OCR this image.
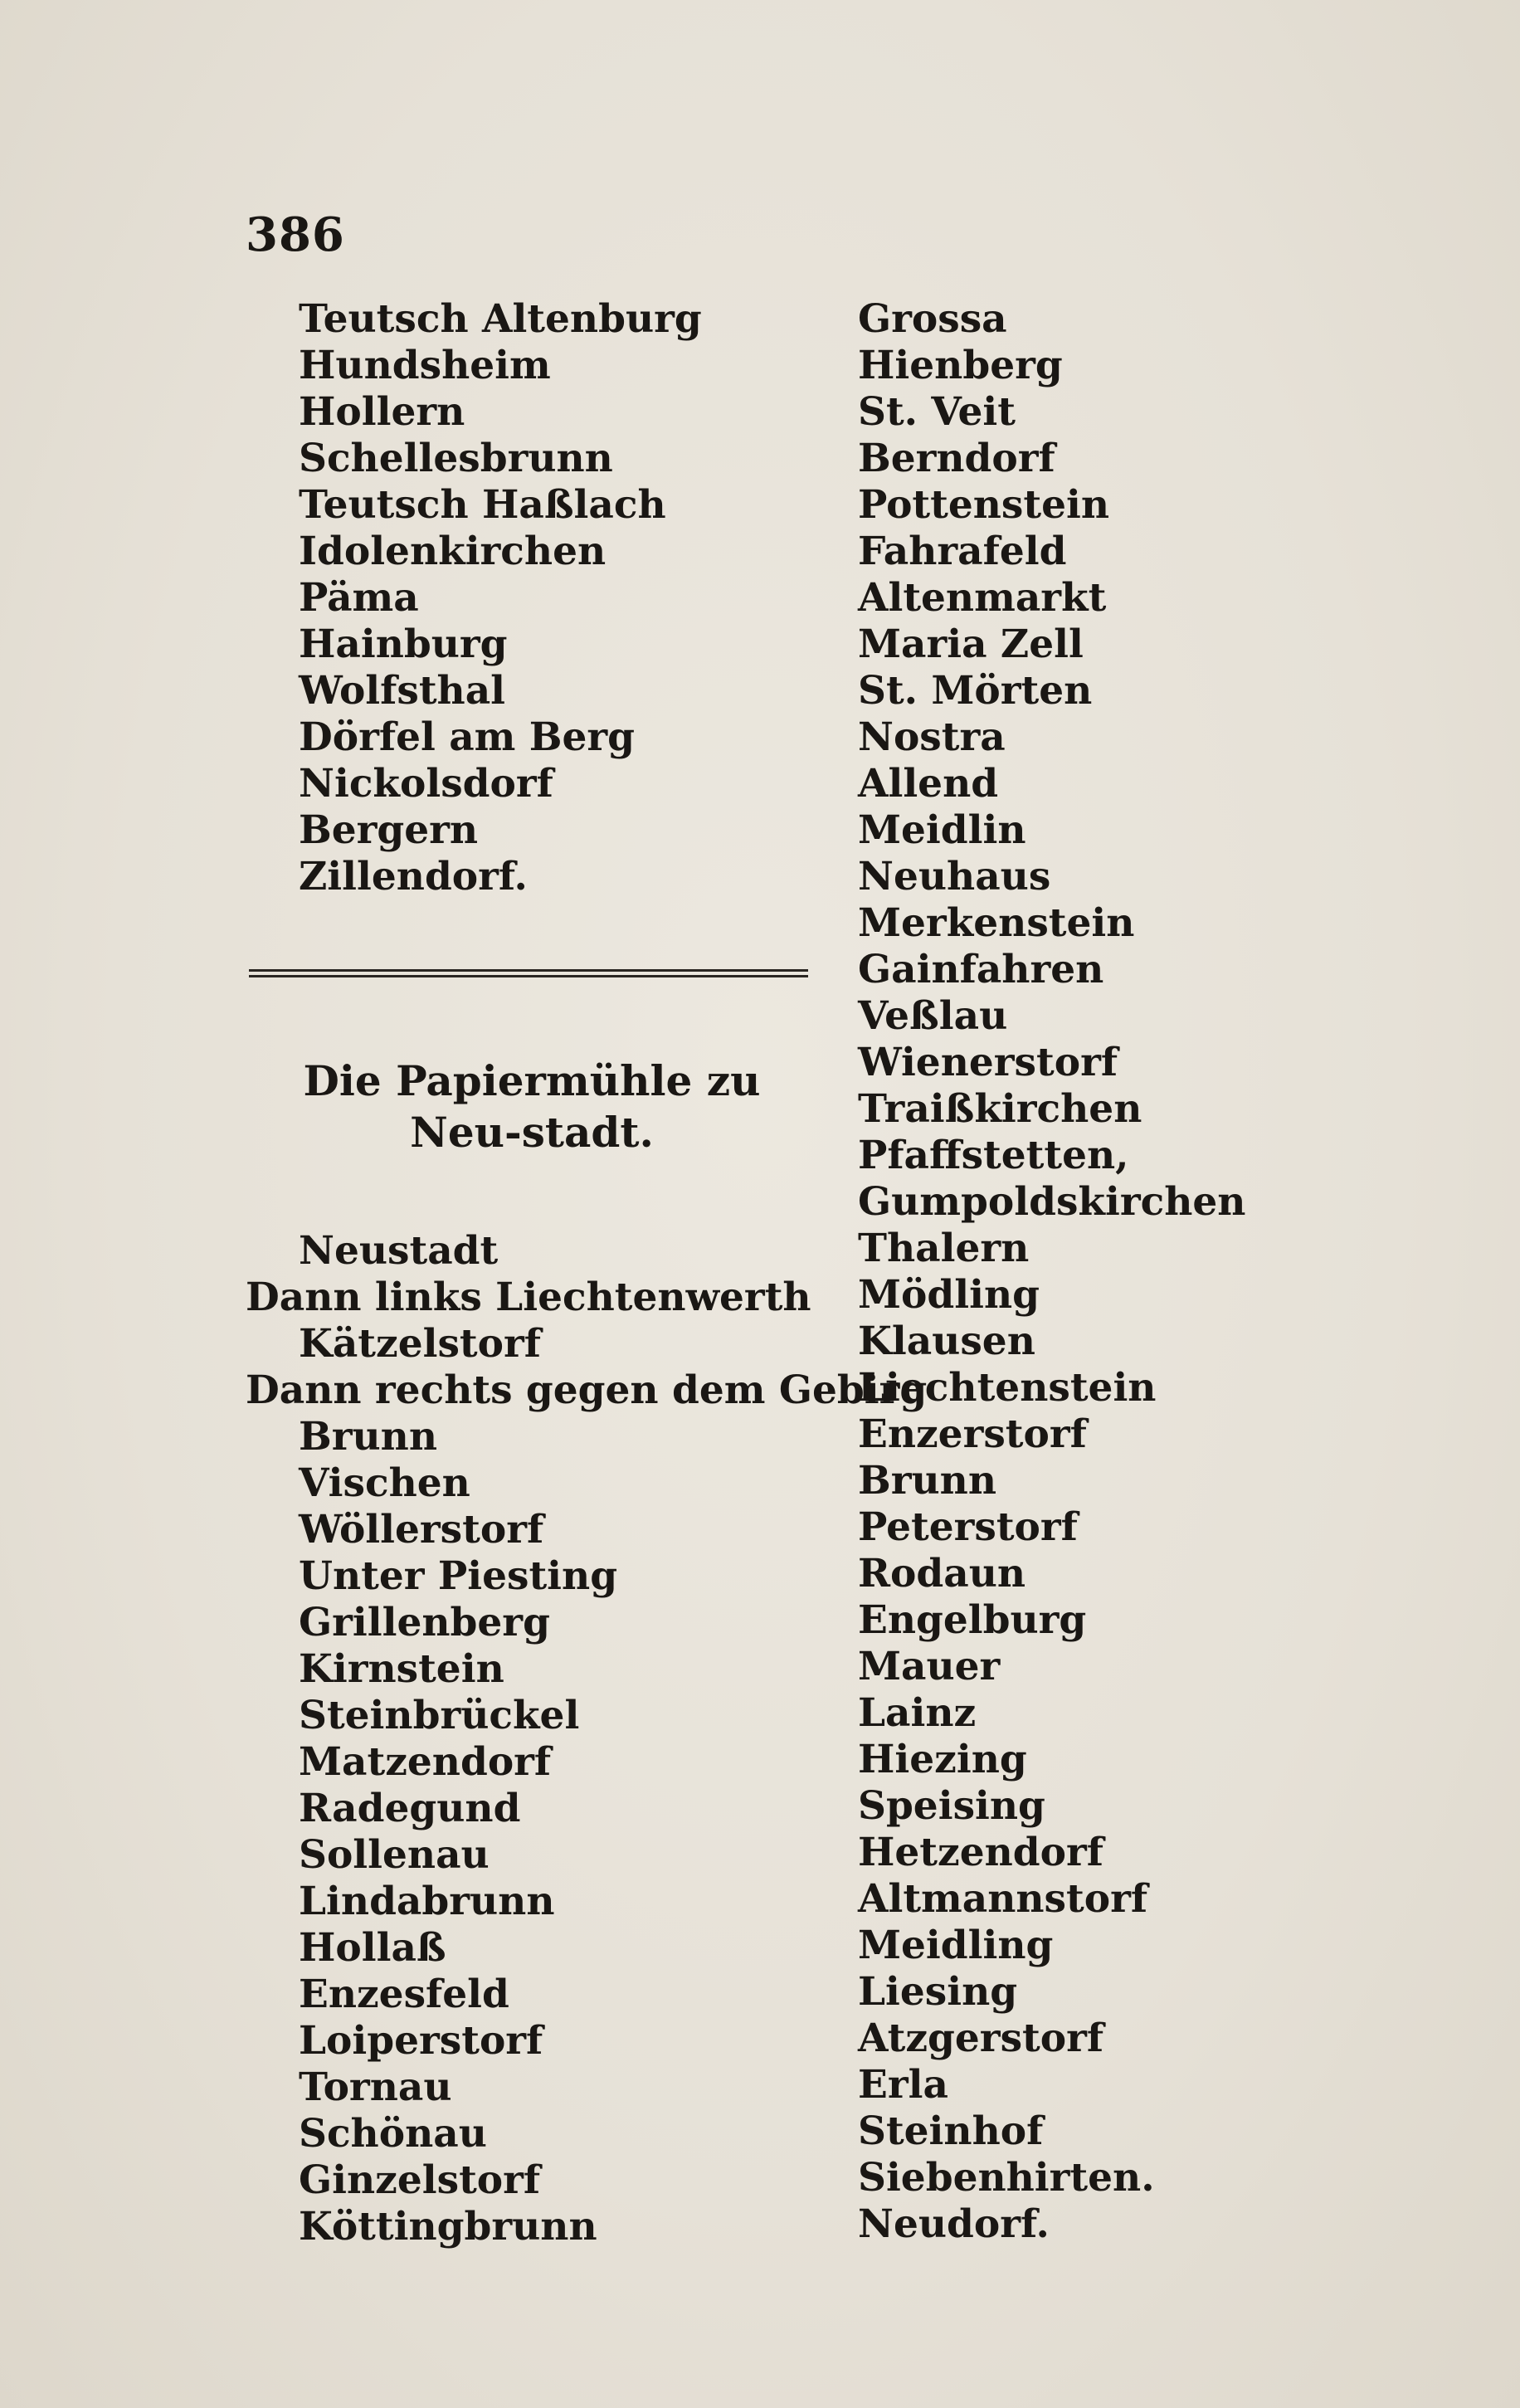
386
Teutsch Altenburg
Hundsheim
Hollern
Schellesbrunn
Teutsch Haßlach
Idolenkirchen
Päma
Hainburg
Wolfsthal
Dörfel am Berg
Nickolsdorf
Bergern
Zillendorf.
Die Papiermühle zu Neu-stadt.
Neustadt
Dann links Liechtenwerth
Kätzelstorf
Dann rechts gegen dem Gebirg
Brunn
Vischen
Wöllerstorf
Unter Piesting
Grillenberg
Kirnstein
Steinbrückel
Matzendorf
Radegund
Sollenau
Lindabrunn
Hollaß
Enzesfeld
Loiperstorf
Tornau
Schönau
Ginzelstorf
Köttingbrunn
Grossa
Hienberg
St. Veit
Berndorf
Pottenstein
Fahrafeld
Altenmarkt
Maria Zell
St. Mörten
Nostra
Allend
Meidlin
Neuhaus
Merkenstein
Gainfahren
Veßlau
Wienerstorf
Traißkirchen
Pfaffstetten,
Gumpoldskirchen
Thalern
Mödling
Klausen
Liechtenstein
Enzerstorf
Brunn
Peterstorf
Rodaun
Engelburg
Mauer
Lainz
Hiezing
Speising
Hetzendorf
Altmannstorf
Meidling
Liesing
Atzgerstorf
Erla
Steinhof
Siebenhirten.
Neudorf.
